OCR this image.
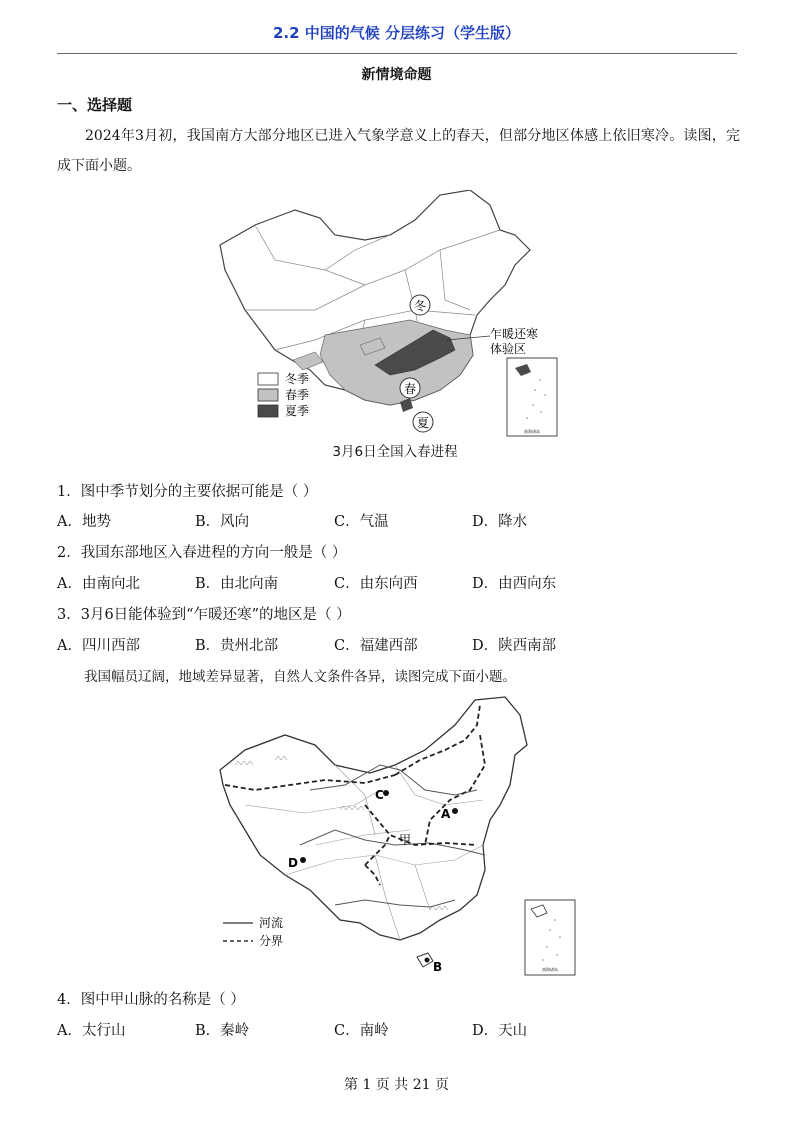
2.2 中国的气候 分层练习（学生版）
新情境命题
一、选择题
2024年3月初，我国南方大部分地区已进入气象学意义上的春天，但部分地区体感上依旧寒冷。读图，完成下面小题。
冬
春
夏
乍暖还寒
体验区
冬季
春季
夏季
南海诸岛
3月6日全国入春进程
1．图中季节划分的主要依据可能是（ ）
A．地势	B．风向	C．气温	D．降水
2．我国东部地区入春进程的方向一般是（ ）
A．由南向北	B．由北向南	C．由东向西	D．由西向东
3．3月6日能体验到“乍暖还寒”的地区是（ ）
A．四川西部	B．贵州北部	C．福建西部	D．陕西南部
我国幅员辽阔，地域差异显著，自然人文条件各异，读图完成下面小题。
C
A
D
甲
B
河流
分界
南海诸岛
4．图中甲山脉的名称是（ ）
A．太行山	B．秦岭	C．南岭	D．天山
第 1 页 共 21 页
